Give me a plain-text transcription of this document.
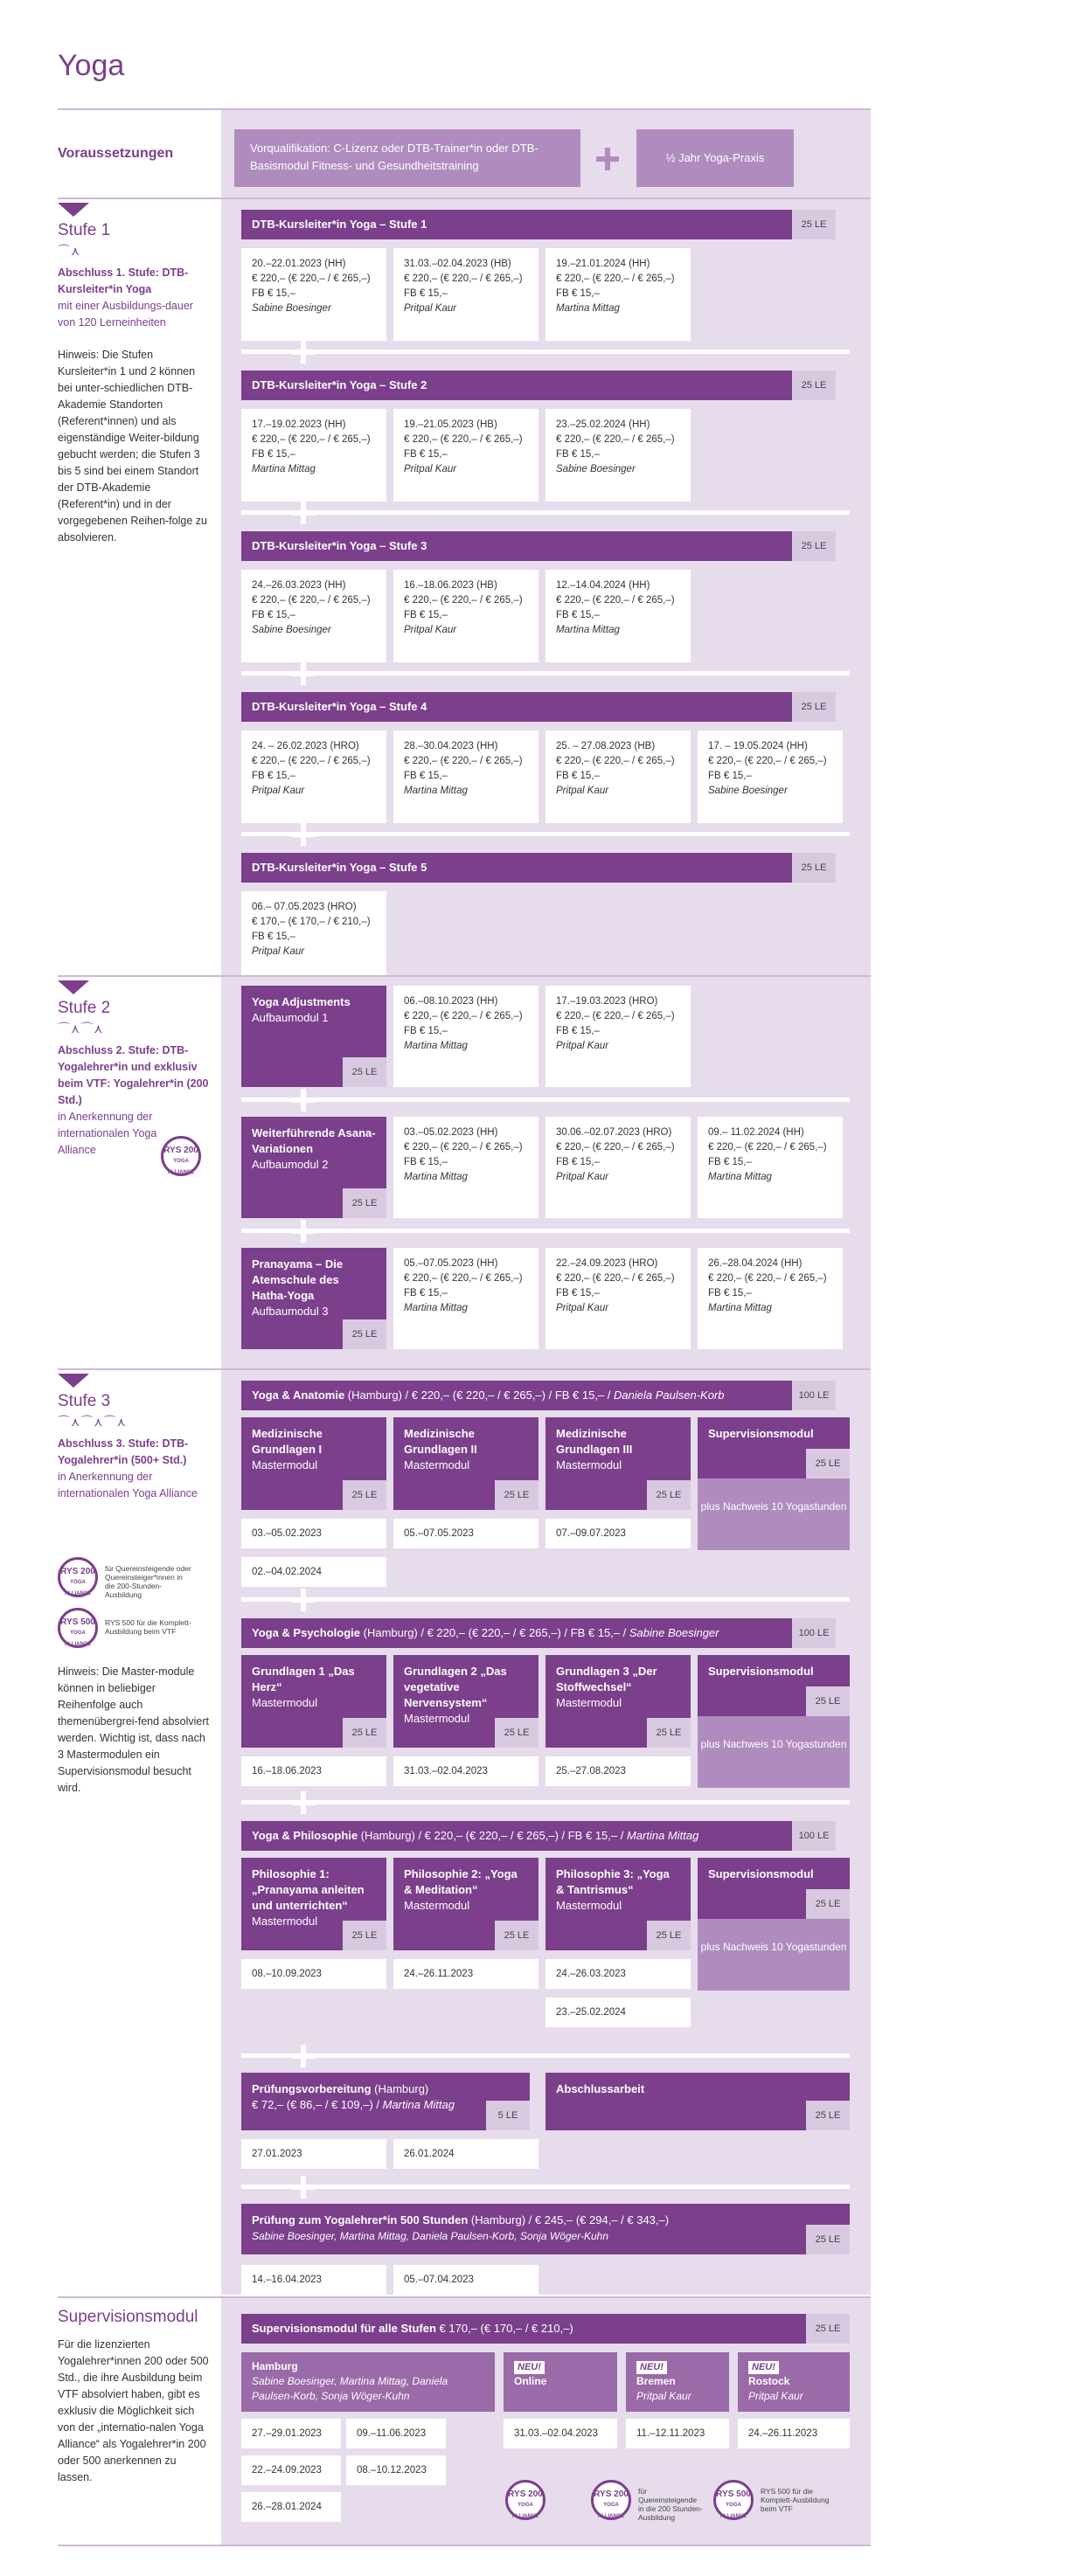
Yoga
Voraussetzungen	Vorqualifikation: C-Lizenz oder DTB-Trainer*in oder DTB-Basismodul Fitness- und Gesundheitstraining
½ Jahr Yoga-Praxis
Stufe 1
⌒⋏
Abschluss 1. Stufe: DTB-Kursleiter*in Yoga
mit einer Ausbildungs-dauer von 120 Lerneinheiten
Hinweis: Die Stufen Kursleiter*in 1 und 2 können bei unter-schiedlichen DTB-Akademie Standorten (Referent*innen) und als eigenständige Weiter-bildung gebucht werden; die Stufen 3 bis 5 sind bei einem Standort der DTB-Akademie (Referent*in) und in der vorgegebenen Reihen-folge zu absolvieren.
DTB-Kursleiter*in Yoga – Stufe 1	25 LE
20.–22.01.2023 (HH)
€ 220,– (€ 220,– / € 265,–)
FB € 15,–
Sabine Boesinger
31.03.–02.04.2023 (HB)
€ 220,– (€ 220,– / € 265,–)
FB € 15,–
Pritpal Kaur
19.–21.01.2024 (HH)
€ 220,– (€ 220,– / € 265,–)
FB € 15,–
Martina Mittag
DTB-Kursleiter*in Yoga – Stufe 2	25 LE
17.–19.02.2023 (HH)
€ 220,– (€ 220,– / € 265,–)
FB € 15,–
Martina Mittag
19.–21.05.2023 (HB)
€ 220,– (€ 220,– / € 265,–)
FB € 15,–
Pritpal Kaur
23.–25.02.2024 (HH)
€ 220,– (€ 220,– / € 265,–)
FB € 15,–
Sabine Boesinger
DTB-Kursleiter*in Yoga – Stufe 3	25 LE
24.–26.03.2023 (HH)
€ 220,– (€ 220,– / € 265,–)
FB € 15,–
Sabine Boesinger
16.–18.06.2023 (HB)
€ 220,– (€ 220,– / € 265,–)
FB € 15,–
Pritpal Kaur
12.–14.04.2024 (HH)
€ 220,– (€ 220,– / € 265,–)
FB € 15,–
Martina Mittag
DTB-Kursleiter*in Yoga – Stufe 4	25 LE
24. – 26.02.2023 (HRO)
€ 220,– (€ 220,– / € 265,–)
FB € 15,–
Pritpal Kaur
28.–30.04.2023 (HH)
€ 220,– (€ 220,– / € 265,–)
FB € 15,–
Martina Mittag
25. – 27.08.2023 (HB)
€ 220,– (€ 220,– / € 265,–)
FB € 15,–
Pritpal Kaur
17. – 19.05.2024 (HH)
€ 220,– (€ 220,– / € 265,–)
FB € 15,–
Sabine Boesinger
DTB-Kursleiter*in Yoga – Stufe 5	25 LE
06.– 07.05.2023 (HRO)
€ 170,– (€ 170,– / € 210,–)
FB € 15,–
Pritpal Kaur
Stufe 2
⌒⋏⌒⋏
Abschluss 2. Stufe: DTB-Yogalehrer*in und exklusiv beim VTF: Yogalehrer*in (200 Std.)
in Anerkennung der internationalen Yoga Alliance	RYS 200
YOGA ALLIANCE
Yoga Adjustments
Aufbaumodul 1
25 LE
06.–08.10.2023 (HH)
€ 220,– (€ 220,– / € 265,–)
FB € 15,–
Martina Mittag
17.–19.03.2023 (HRO)
€ 220,– (€ 220,– / € 265,–)
FB € 15,–
Pritpal Kaur
Weiterführende Asana-Variationen
Aufbaumodul 2
25 LE
03.–05.02.2023 (HH)
€ 220,– (€ 220,– / € 265,–)
FB € 15,–
Martina Mittag
30.06.–02.07.2023 (HRO)
€ 220,– (€ 220,– / € 265,–)
FB € 15,–
Pritpal Kaur
09.– 11.02.2024 (HH)
€ 220,– (€ 220,– / € 265,–)
FB € 15,–
Martina Mittag
Pranayama – Die Atemschule des Hatha-Yoga
Aufbaumodul 3
25 LE
05.–07.05.2023 (HH)
€ 220,– (€ 220,– / € 265,–)
FB € 15,–
Martina Mittag
22.–24.09.2023 (HRO)
€ 220,– (€ 220,– / € 265,–)
FB € 15,–
Pritpal Kaur
26.–28.04.2024 (HH)
€ 220,– (€ 220,– / € 265,–)
FB € 15,–
Martina Mittag
Stufe 3
⌒⋏⌒⋏⌒⋏
Abschluss 3. Stufe: DTB-Yogalehrer*in (500+ Std.)
in Anerkennung der internationalen Yoga Alliance
RYS 200
YOGA ALLIANCE
für Quereinsteigende oder Quereinsteiger*innen in die 200-Stunden-Ausbildung
RYS 500
YOGA ALLIANCE
RYS 500 für die Komplett-Ausbildung beim VTF
Hinweis: Die Master-module können in beliebiger Reihenfolge auch themenübergrei-fend absolviert werden. Wichtig ist, dass nach 3 Mastermodulen ein Supervisionsmodul besucht wird.
Yoga & Anatomie (Hamburg) / € 220,– (€ 220,– / € 265,–) / FB € 15,– / Daniela Paulsen-Korb	100 LE
Medizinische Grundlagen I
Mastermodul
25 LE
03.–05.02.2023
02.–04.02.2024
Medizinische Grundlagen II
Mastermodul
25 LE
05.–07.05.2023
Medizinische Grundlagen III
Mastermodul
25 LE
07.–09.07.2023
Supervisionsmodul
25 LE
plus Nachweis 10 Yogastunden
Yoga & Psychologie (Hamburg) / € 220,– (€ 220,– / € 265,–) / FB € 15,– / Sabine Boesinger	100 LE
Grundlagen 1 „Das Herz“
Mastermodul
25 LE
16.–18.06.2023
Grundlagen 2 „Das vegetative Nervensystem“
Mastermodul
25 LE
31.03.–02.04.2023
Grundlagen 3 „Der Stoffwechsel“
Mastermodul
25 LE
25.–27.08.2023
Supervisionsmodul
25 LE
plus Nachweis 10 Yogastunden
Yoga & Philosophie (Hamburg) / € 220,– (€ 220,– / € 265,–) / FB € 15,– / Martina Mittag	100 LE
Philosophie 1: „Pranayama anleiten und unterrichten“
Mastermodul
25 LE
08.–10.09.2023
Philosophie 2: „Yoga & Meditation“
Mastermodul
25 LE
24.–26.11.2023
Philosophie 3: „Yoga & Tantrismus“
Mastermodul
25 LE
24.–26.03.2023
23.–25.02.2024
Supervisionsmodul
25 LE
plus Nachweis 10 Yogastunden
Prüfungsvorbereitung (Hamburg)
€ 72,– (€ 86,– / € 109,–) / Martina Mittag
5 LE
27.01.2023	26.01.2024
Abschlussarbeit
25 LE
Prüfung zum Yogalehrer*in 500 Stunden (Hamburg) / € 245,– (€ 294,– / € 343,–)
Sabine Boesinger, Martina Mittag, Daniela Paulsen-Korb, Sonja Wöger-Kuhn	25 LE
14.–16.04.2023	05.–07.04.2023
Supervisionsmodul
Für die lizenzierten Yogalehrer*innen 200 oder 500 Std., die ihre Ausbildung beim VTF absolviert haben, gibt es exklusiv die Möglichkeit sich von der „internatio-nalen Yoga Alliance“ als Yogalehrer*in 200 oder 500 anerkennen zu lassen.
Supervisionsmodul für alle Stufen € 170,– (€ 170,– / € 210,–)	25 LE
Hamburg
Sabine Boesinger, Martina Mittag, Daniela Paulsen-Korb, Sonja Wöger-Kuhn
27.–29.01.2023	09.–11.06.2023
22.–24.09.2023	08.–10.12.2023
26.–28.01.2024
NEU!
Online
31.03.–02.04.2023
NEU!
Bremen
Pritpal Kaur
11.–12.11.2023
NEU!
Rostock
Pritpal Kaur
24.–26.11.2023
RYS 200
YOGA ALLIANCE
RYS 200
YOGA ALLIANCE
für Quereinsteigende in die 200 Stunden-Ausbildung
RYS 500
YOGA ALLIANCE
RYS 500 für die Komplett-Ausbildung beim VTF
